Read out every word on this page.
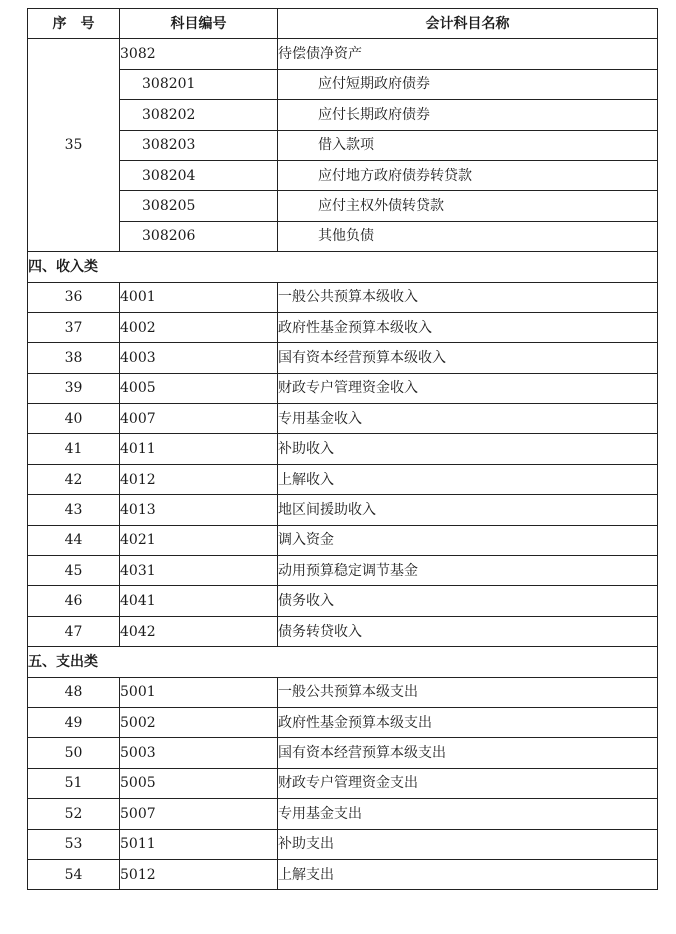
序　号	科目编号	会计科目名称
35	3082	待偿债净资产
	308201	应付短期政府债券
	308202	应付长期政府债券
	308203	借入款项
	308204	应付地方政府债券转贷款
	308205	应付主权外债转贷款
	308206	其他负债
四、收入类		
36	4001	一般公共预算本级收入
37	4002	政府性基金预算本级收入
38	4003	国有资本经营预算本级收入
39	4005	财政专户管理资金收入
40	4007	专用基金收入
41	4011	补助收入
42	4012	上解收入
43	4013	地区间援助收入
44	4021	调入资金
45	4031	动用预算稳定调节基金
46	4041	债务收入
47	4042	债务转贷收入
五、支出类		
48	5001	一般公共预算本级支出
49	5002	政府性基金预算本级支出
50	5003	国有资本经营预算本级支出
51	5005	财政专户管理资金支出
52	5007	专用基金支出
53	5011	补助支出
54	5012	上解支出
